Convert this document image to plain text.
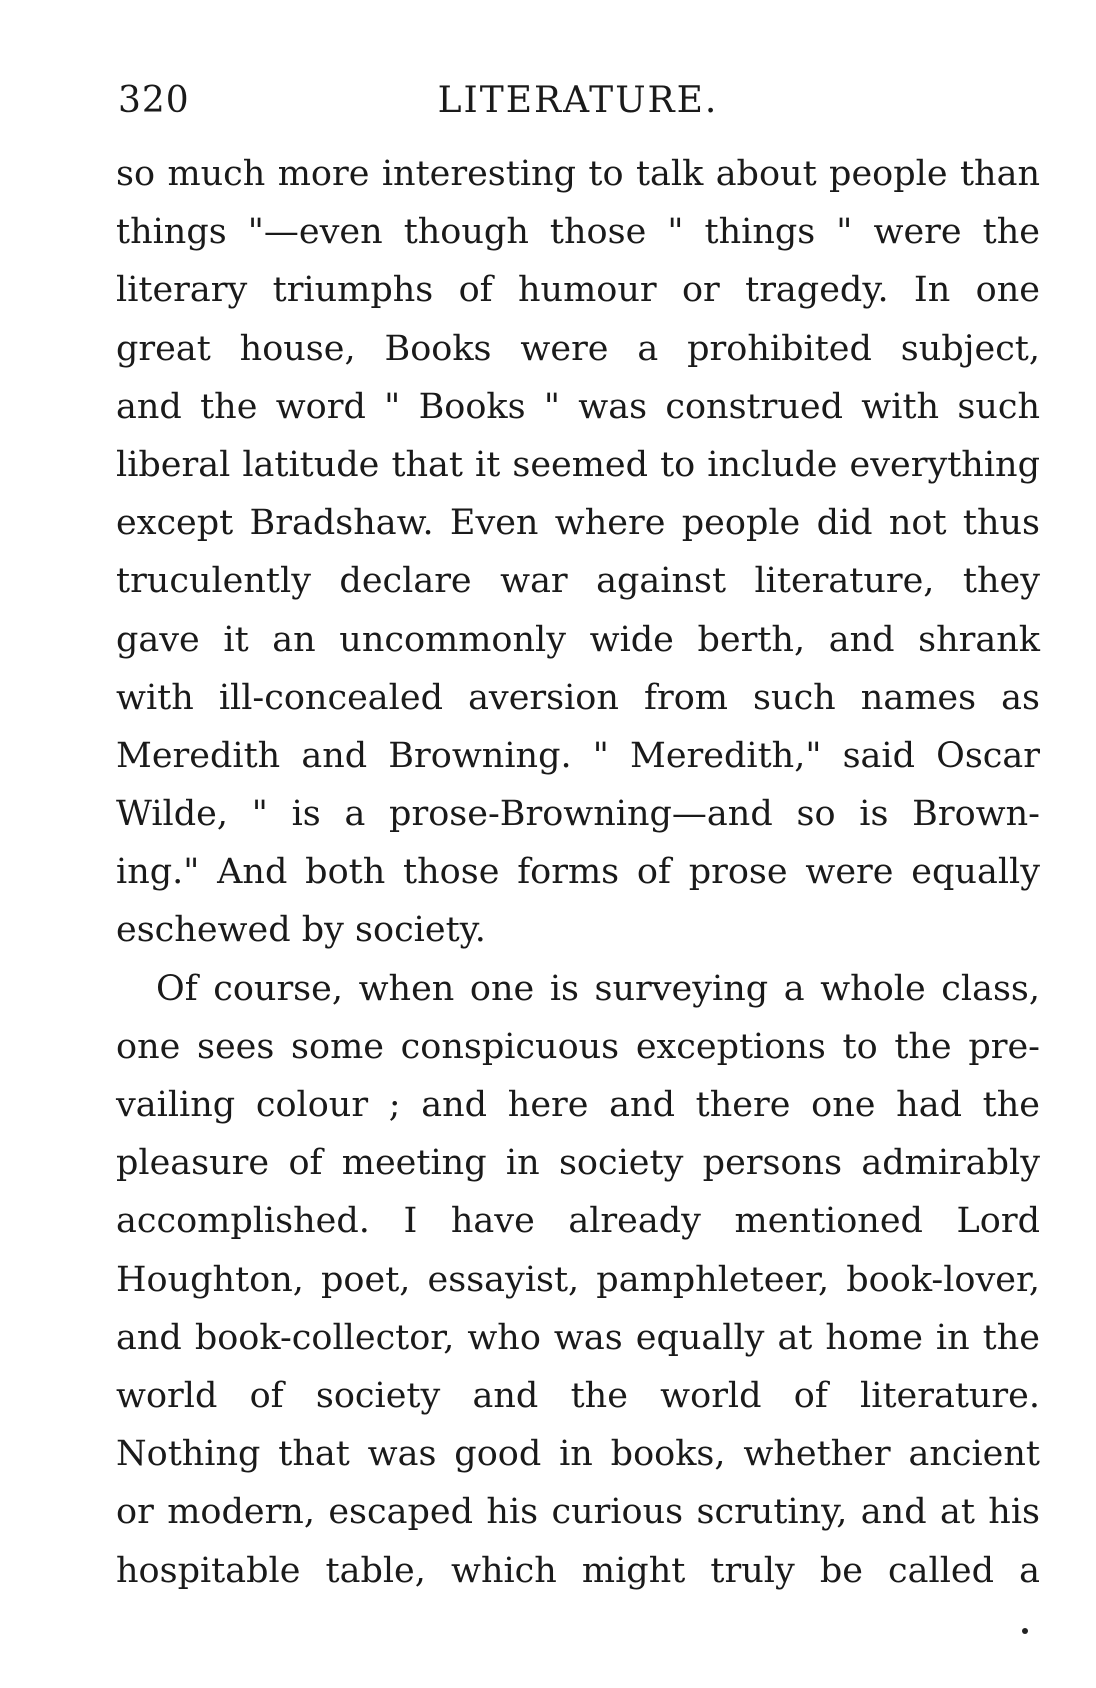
320	LITERATURE.
so much more interesting to talk about people than
things "—even though those " things " were the
literary triumphs of humour or tragedy. In one
great house, Books were a prohibited subject,
and the word " Books " was construed with such
liberal latitude that it seemed to include everything
except Bradshaw. Even where people did not thus
truculently declare war against literature, they
gave it an uncommonly wide berth, and shrank
with ill-concealed aversion from such names as
Meredith and Browning. " Meredith," said Oscar
Wilde, " is a prose-Browning—and so is Brown-
ing." And both those forms of prose were equally
eschewed by society.
Of course, when one is surveying a whole class,
one sees some conspicuous exceptions to the pre-
vailing colour ; and here and there one had the
pleasure of meeting in society persons admirably
accomplished. I have already mentioned Lord
Houghton, poet, essayist, pamphleteer, book-lover,
and book-collector, who was equally at home in the
world of society and the world of literature.
Nothing that was good in books, whether ancient
or modern, escaped his curious scrutiny, and at his
hospitable table, which might truly be called a
